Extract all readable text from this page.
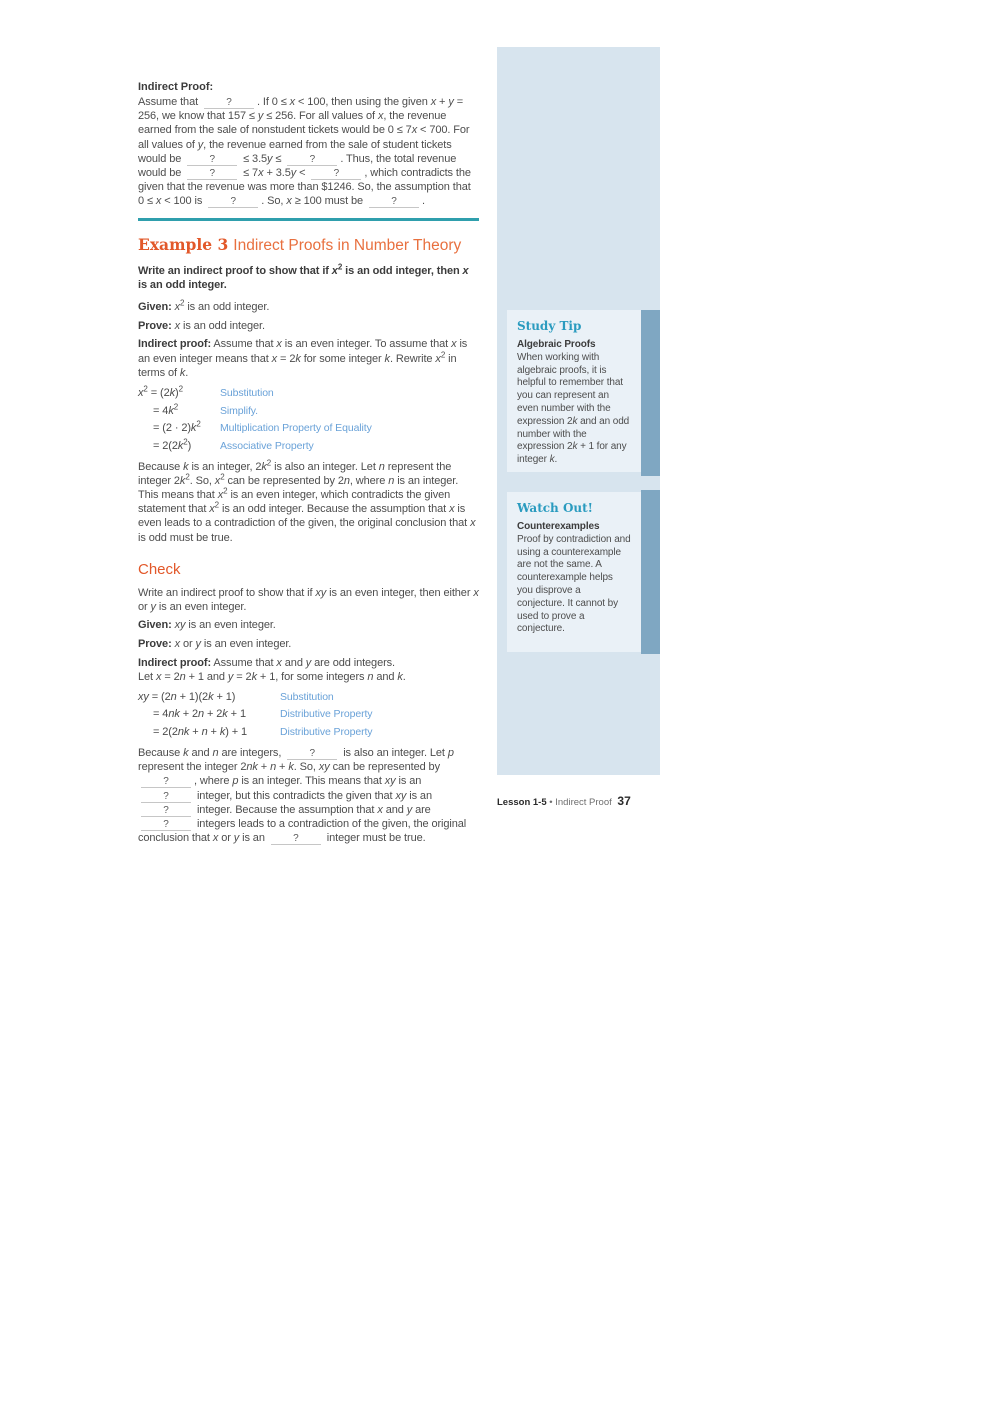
Indirect Proof:

Assume that	? . If 0 ≤ x < 100, then using the given x + y = 256, we know that 157 ≤ y ≤ 256. For all values of x, the revenue earned from the sale of nonstudent tickets would be 0 ≤ 7x < 700. For all values of y, the revenue earned from the sale of student tickets would be	? ≤ 3.5y ≤	? . Thus, the total revenue would be	? ≤ 7x + 3.5y <	? , which contradicts the given that the revenue was more than $1246. So, the assumption that 0 ≤ x < 100 is	? . So, x ≥ 100 must be	? .

Example 3 Indirect Proofs in Number Theory

Write an indirect proof to show that if $x^2$ is an odd integer, then x is an odd integer.

Given: $x^2$ is an odd integer.

Prove: x is an odd integer.

Indirect proof: Assume that x is an even integer. To assume that x is an even integer means that x = 2k for some integer k. Rewrite $x^2$ in terms of k.

$x^2 = (2k)^2$	Substitution
= $4k^2$	Simplify.
= $(2 \cdot 2)k^2$	Multiplication Property of Equality
= $2(2k^2)$	Associative Property

Because k is an integer, $2k^2$ is also an integer. Let n represent the integer $2k^2$. So, $x^2$ can be represented by 2n, where n is an integer. This means that $x^2$ is an even integer, which contradicts the given statement that $x^2$ is an odd integer. Because the assumption that x is even leads to a contradiction of the given, the original conclusion that x is odd must be true.

Check

Write an indirect proof to show that if xy is an even integer, then either x or y is an even integer.

Given: xy is an even integer.

Prove: x or y is an even integer.

Indirect proof: Assume that x and y are odd integers.
Let x = 2n + 1 and y = 2k + 1, for some integers n and k.

xy = (2n + 1)(2k + 1)	Substitution
= 4nk + 2n + 2k + 1	Distributive Property
= 2(2nk + n + k) + 1	Distributive Property

Because k and n are integers,	? is also an integer. Let p represent the integer 2nk + n + k. So, xy can be represented by ? , where p is an integer. This means that xy is an ? integer, but this contradicts the given that xy is an ? integer. Because the assumption that x and y are ? integers leads to a contradiction of the given, the original conclusion that x or y is an	? integer must be true.

Study Tip

Algebraic Proofs
When working with algebraic proofs, it is helpful to remember that you can represent an even number with the expression 2k and an odd number with the expression 2k + 1 for any integer k.

Watch Out!

Counterexamples
Proof by contradiction and using a counterexample are not the same. A counterexample helps you disprove a conjecture. It cannot by used to prove a conjecture.

Lesson 1-5 • Indirect Proof 37
